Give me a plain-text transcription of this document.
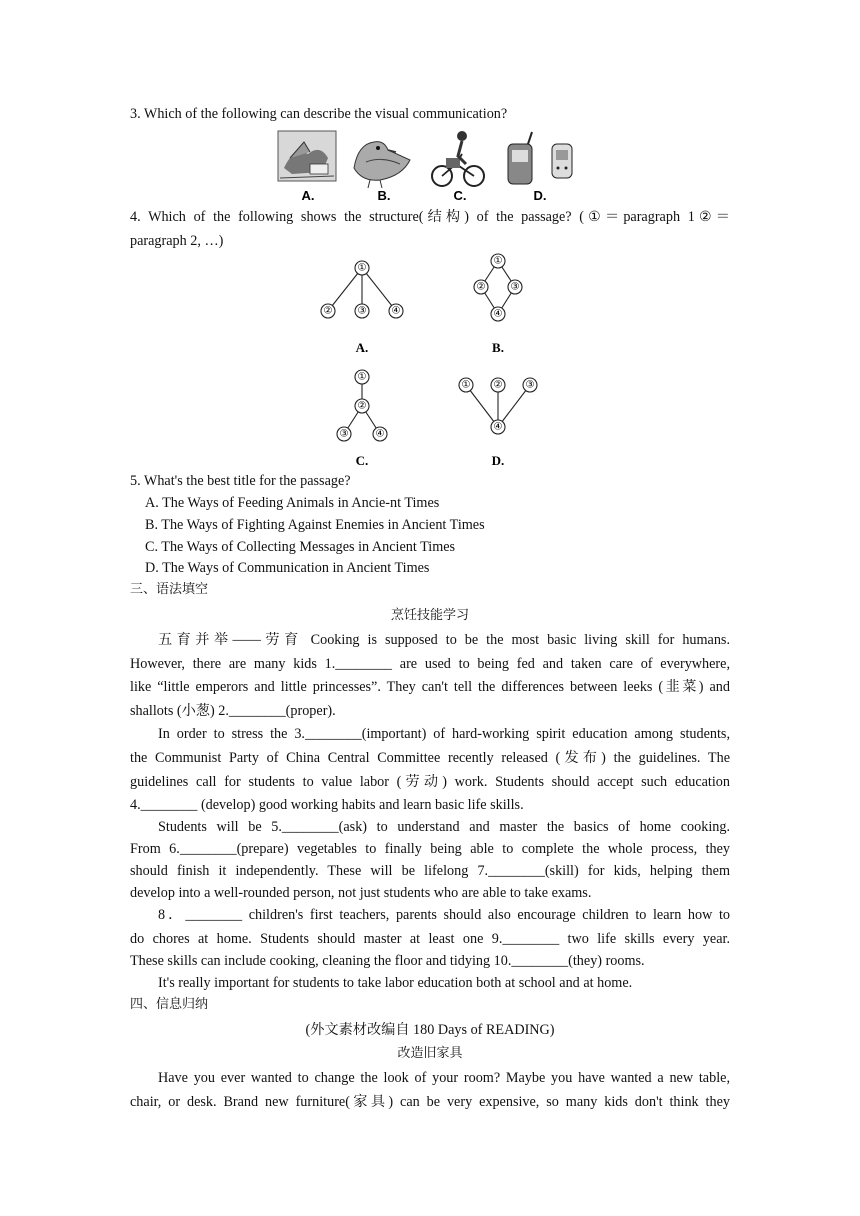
3. Which of the following can describe the visual communication?
A.	B.	C.	D.
4. Which of the following shows the structure(结构) of the passage? (①＝paragraph 1②＝
paragraph 2, …)
①
②	③	④
A.
①
②	③
④
B.
①
②
③	④
C.
① ② ③
④
D.
5. What's the best title for the passage?
A. The Ways of Feeding Animals in Ancie-nt Times
B. The Ways of Fighting Against Enemies in Ancient Times
C. The Ways of Collecting Messages in Ancient Times
D. The Ways of Communication in Ancient Times
三、语法填空
烹饪技能学习
五育并举——劳育 Cooking is supposed to be the most basic living skill for humans.
However, there are many kids 1.________ are used to being fed and taken care of everywhere,
like “little emperors and little princesses”. They can't tell the differences between leeks (韭菜) and
shallots (小葱) 2.________(proper).
In order to stress the 3.________(important) of hard-working spirit education among students,
the Communist Party of China Central Committee recently released (发布) the guidelines. The
guidelines call for students to value labor (劳动) work. Students should accept such education
4.________ (develop) good working habits and learn basic life skills.
Students will be 5.________(ask) to understand and master the basics of home cooking.
From 6.________(prepare) vegetables to finally being able to complete the whole process, they
should finish it independently. These will be lifelong 7.________(skill) for kids, helping them
develop into a well-rounded person, not just students who are able to take exams.
8．________ children's first teachers, parents should also encourage children to learn how to
do chores at home. Students should master at least one 9.________ two life skills every year.
These skills can include cooking, cleaning the floor and tidying 10.________(they) rooms.
It's really important for students to take labor education both at school and at home.
四、信息归纳
(外文素材改编自 180 Days of READING)
改造旧家具
Have you ever wanted to change the look of your room? Maybe you have wanted a new table,
chair, or desk. Brand new furniture(家具) can be very expensive, so many kids don't think they
